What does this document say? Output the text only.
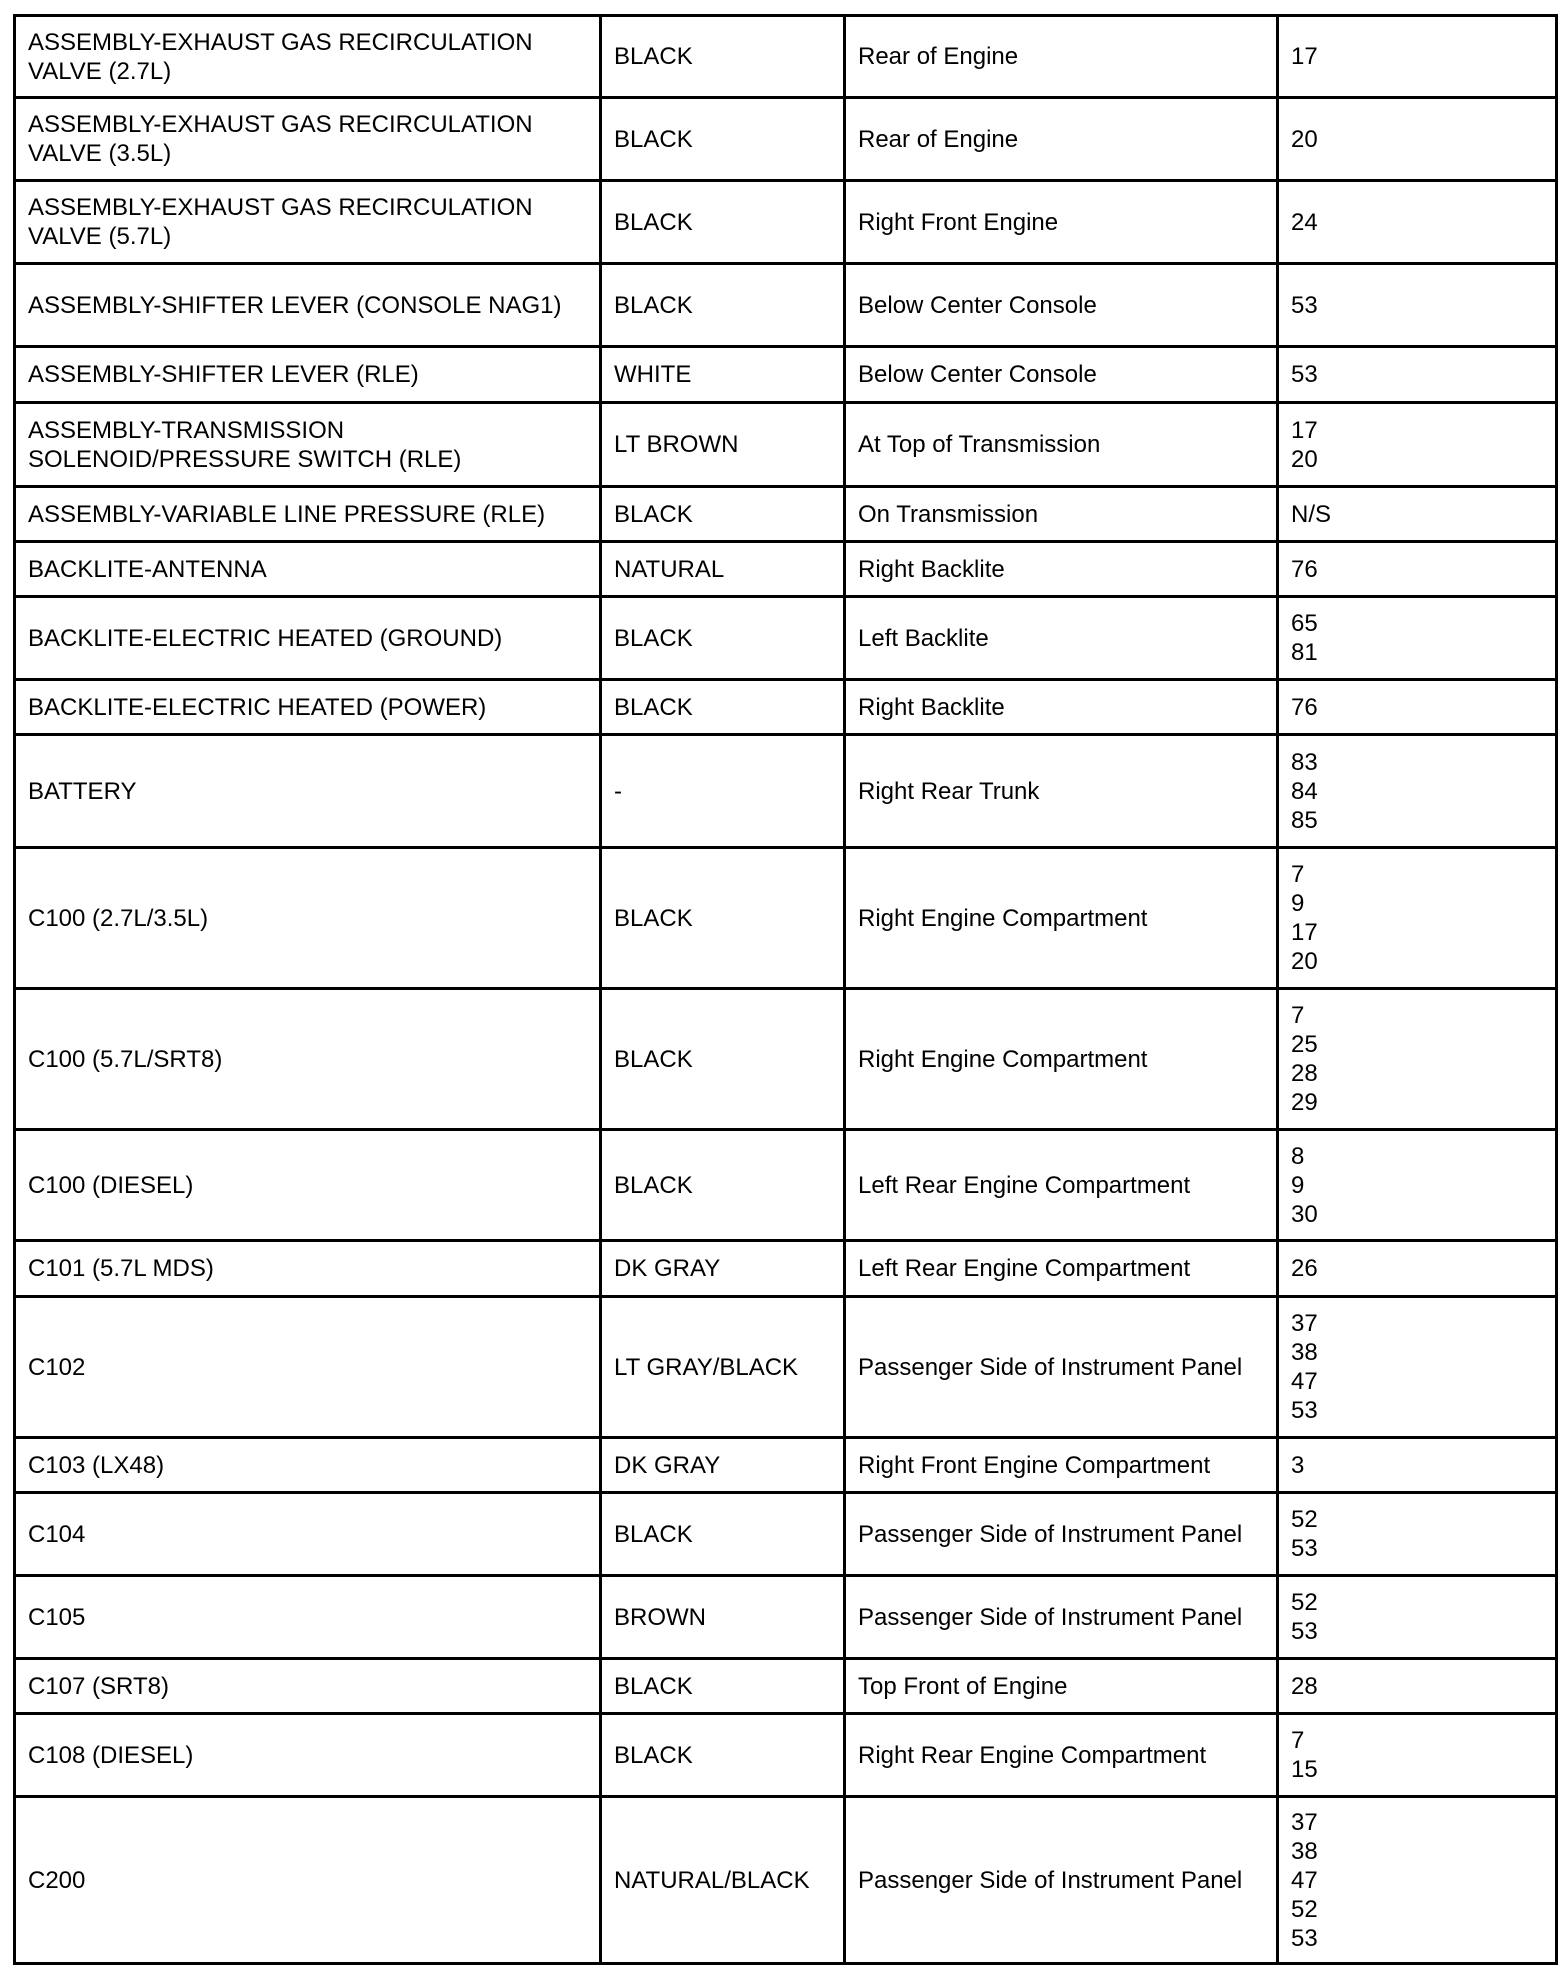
ASSEMBLY-EXHAUST GAS RECIRCULATION VALVE (2.7L)	BLACK	Rear of Engine	17

ASSEMBLY-EXHAUST GAS RECIRCULATION VALVE (3.5L)	BLACK	Rear of Engine	20

ASSEMBLY-EXHAUST GAS RECIRCULATION VALVE (5.7L)	BLACK	Right Front Engine	24

ASSEMBLY-SHIFTER LEVER (CONSOLE NAG1)	BLACK	Below Center Console	53

ASSEMBLY-SHIFTER LEVER (RLE)	WHITE	Below Center Console	53

ASSEMBLY-TRANSMISSION SOLENOID/PRESSURE SWITCH (RLE)	LT BROWN	At Top of Transmission	17
20

ASSEMBLY-VARIABLE LINE PRESSURE (RLE)	BLACK	On Transmission	N/S

BACKLITE-ANTENNA	NATURAL	Right Backlite	76

BACKLITE-ELECTRIC HEATED (GROUND)	BLACK	Left Backlite	65
81

BACKLITE-ELECTRIC HEATED (POWER)	BLACK	Right Backlite	76

BATTERY	-	Right Rear Trunk	83
84
85

C100 (2.7L/3.5L)	BLACK	Right Engine Compartment	7
9
17
20

C100 (5.7L/SRT8)	BLACK	Right Engine Compartment	7
25
28
29

C100 (DIESEL)	BLACK	Left Rear Engine Compartment	8
9
30

C101 (5.7L MDS)	DK GRAY	Left Rear Engine Compartment	26

C102	LT GRAY/BLACK	Passenger Side of Instrument Panel	37
38
47
53

C103 (LX48)	DK GRAY	Right Front Engine Compartment	3

C104	BLACK	Passenger Side of Instrument Panel	52
53

C105	BROWN	Passenger Side of Instrument Panel	52
53

C107 (SRT8)	BLACK	Top Front of Engine	28

C108 (DIESEL)	BLACK	Right Rear Engine Compartment	7
15

C200	NATURAL/BLACK	Passenger Side of Instrument Panel	37
38
47
52
53
